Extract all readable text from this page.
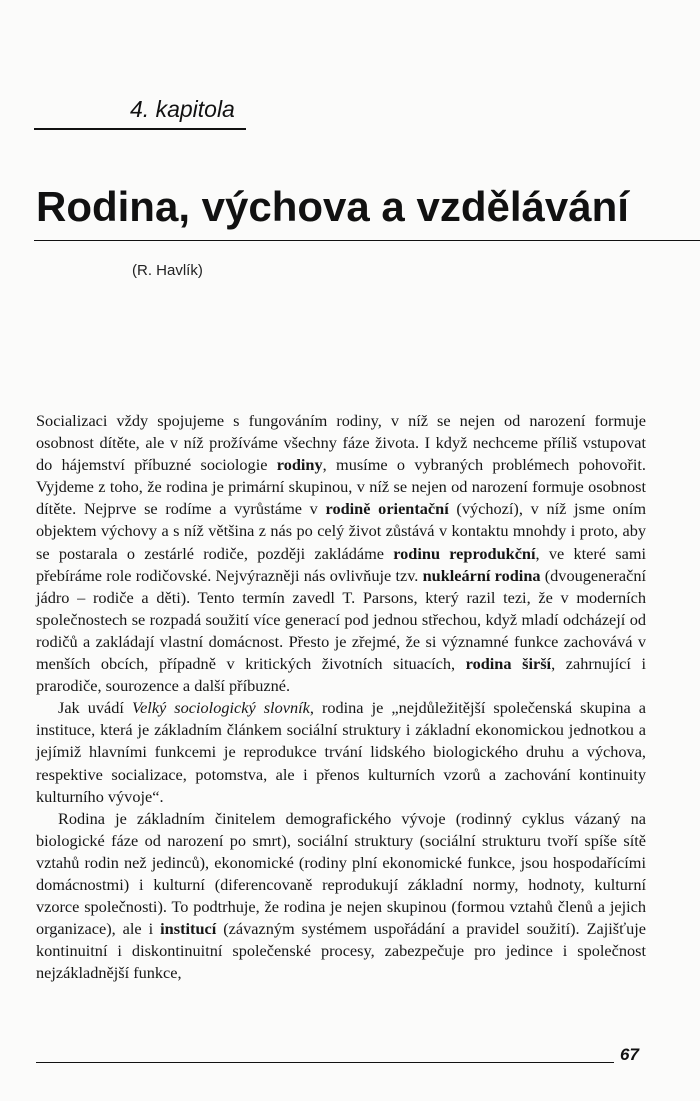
4. kapitola
Rodina, výchova a vzdělávání
(R. Havlík)

Socializaci vždy spojujeme s fungováním rodiny, v níž se nejen od narození formuje osobnost dítěte, ale v níž prožíváme všechny fáze života. I když nechceme příliš vstupovat do hájemství příbuzné sociologie rodiny, musíme o vybraných problémech pohovořit. Vyjdeme z toho, že rodina je primární skupinou, v níž se nejen od narození formuje osobnost dítěte. Nejprve se rodíme a vyrůstáme v rodině orientační (výchozí), v níž jsme oním objektem výchovy a s níž většina z nás po celý život zůstává v kontaktu mnohdy i proto, aby se postarala o zestárlé rodiče, později zakládáme rodinu reprodukční, ve které sami přebíráme role rodičovské. Nejvýrazněji nás ovlivňuje tzv. nukleární rodina (dvougenerační jádro – rodiče a děti). Tento termín zavedl T. Parsons, který razil tezi, že v moderních společnostech se rozpadá soužití více generací pod jednou střechou, když mladí odcházejí od rodičů a zakládají vlastní domácnost. Přesto je zřejmé, že si významné funkce zachovává v menších obcích, případně v kritických životních situacích, rodina širší, zahrnující i prarodiče, sourozence a další příbuzné.

Jak uvádí Velký sociologický slovník, rodina je „nejdůležitější společenská skupina a instituce, která je základním článkem sociální struktury i základní ekonomickou jednotkou a jejímiž hlavními funkcemi je reprodukce trvání lidského biologického druhu a výchova, respektive socializace, potomstva, ale i přenos kulturních vzorů a zachování kontinuity kulturního vývoje“.

Rodina je základním činitelem demografického vývoje (rodinný cyklus vázaný na biologické fáze od narození po smrt), sociální struktury (sociální strukturu tvoří spíše sítě vztahů rodin než jedinců), ekonomické (rodiny plní ekonomické funkce, jsou hospodařícími domácnostmi) i kulturní (diferencovaně reprodukují základní normy, hodnoty, kulturní vzorce společnosti). To podtrhuje, že rodina je nejen skupinou (formou vztahů členů a jejich organizace), ale i institucí (závazným systémem uspořádání a pravidel soužití). Zajišťuje kontinuitní i diskontinuitní společenské procesy, zabezpečuje pro jedince i společnost nejzákladnější funkce,

67
